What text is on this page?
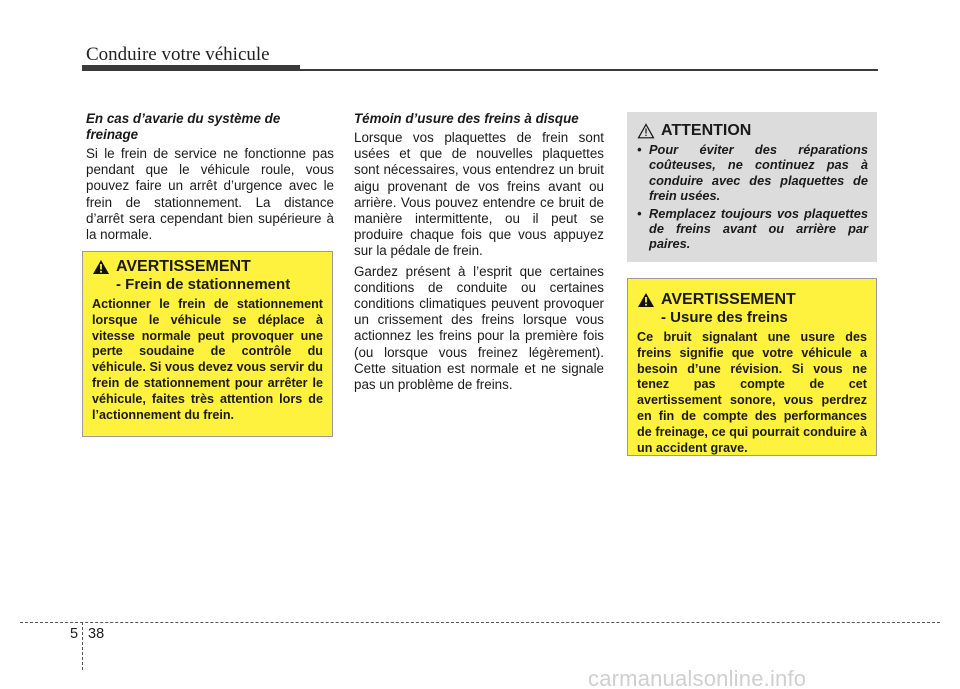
Conduire votre véhicule
En cas d’avarie du système de freinage
Si le frein de service ne fonctionne pas pendant que le véhicule roule, vous pouvez faire un arrêt d’urgence avec le frein de stationnement. La distance d’arrêt sera cependant bien supérieure à la normale.
AVERTISSEMENT
- Frein de stationnement
Actionner le frein de stationnement lorsque le véhicule se déplace à vitesse normale peut provoquer une perte soudaine de contrôle du véhicule. Si vous devez vous servir du frein de stationnement pour arrêter le véhicule, faites très attention lors de l’actionnement du frein.
Témoin d’usure des freins à disque
Lorsque vos plaquettes de frein sont usées et que de nouvelles plaquettes sont nécessaires, vous entendrez un bruit aigu provenant de vos freins avant ou arrière. Vous pouvez entendre ce bruit de manière intermittente, ou il peut se produire chaque fois que vous appuyez sur la pédale de frein.
Gardez présent à l’esprit que certaines conditions de conduite ou certaines conditions climatiques peuvent provoquer un crissement des freins lorsque vous actionnez les freins pour la première fois (ou lorsque vous freinez légèrement). Cette situation est normale et ne signale pas un problème de freins.
ATTENTION
• Pour éviter des réparations coûteuses, ne continuez pas à conduire avec des plaquettes de frein usées.
• Remplacez toujours vos plaquettes de freins avant ou arrière par paires.
AVERTISSEMENT
- Usure des freins
Ce bruit signalant une usure des freins signifie que votre véhicule a besoin d’une révision. Si vous ne tenez pas compte de cet avertissement sonore, vous perdrez en fin de compte des performances de freinage, ce qui pourrait conduire à un accident grave.
5 38
carmanualsonline.info
